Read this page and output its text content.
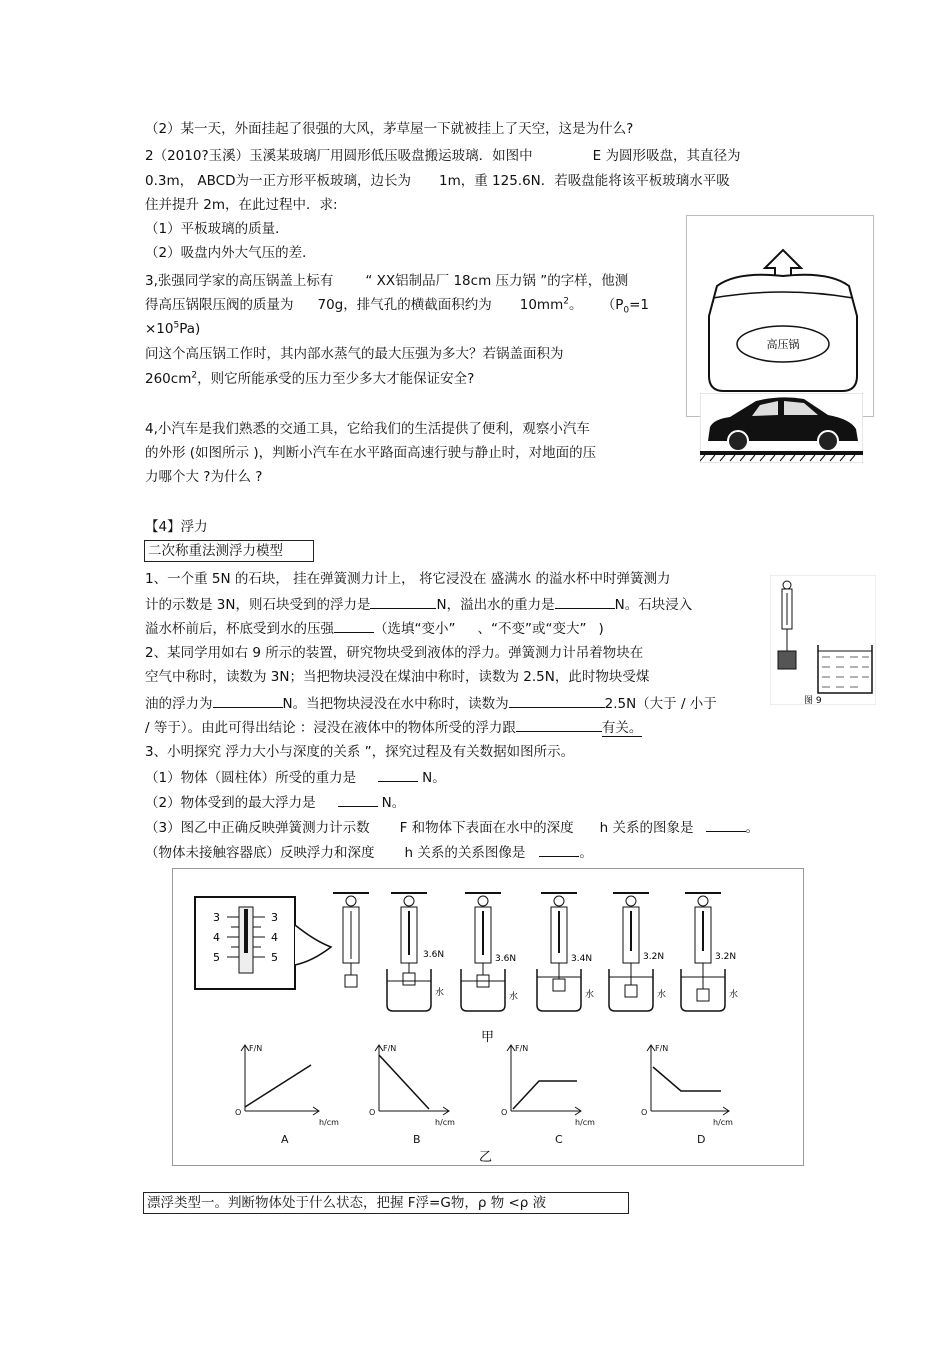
（2）某一天，外面挂起了很强的大风，茅草屋一下就被挂上了天空，这是为什么?
2（2010?玉溪）玉溪某玻璃厂用圆形低压吸盘搬运玻璃．如图中	E 为圆形吸盘，其直径为
0.3m， ABCD为一正方形平板玻璃，边长为 1m，重 125.6N．若吸盘能将该平板玻璃水平吸
住并提升 2m，在此过程中．求:
（1）平板玻璃的质量．
（2）吸盘内外大气压的差．
3,张强同学家的高压锅盖上标有 “ XX铝制品厂 18cm 压力锅 ”的字样，他测
得高压锅限压阀的质量为 70g，排气孔的横截面积约为 $10mm^2$。 （$P_0=1$
$\times 10^5Pa$)
问这个高压锅工作时，其内部水蒸气的最大压强为多大？若锅盖面积为
$260cm^2$，则它所能承受的压力至少多大才能保证安全?
4,小汽车是我们熟悉的交通工具，它给我们的生活提供了便利，观察小汽车
的外形 (如图所示 )，判断小汽车在水平路面高速行驶与静止时，对地面的压
力哪个大 ?为什么 ?
【4】浮力
二次称重法测浮力模型
1、一个重 5N 的石块， 挂在弹簧测力计上， 将它浸没在 盛满水 的溢水杯中时弹簧测力
计的示数是 3N，则石块受到的浮力是	N，溢出水的重力是	N。石块浸入
溢水杯前后，杯底受到水的压强	（选填“变小” 、“不变”或“变大” )
2、某同学用如右 9 所示的装置，研究物块受到液体的浮力。弹簧测力计吊着物块在
空气中称时，读数为 3N；当把物块浸没在煤油中称时，读数为 2.5N，此时物块受煤
油的浮力为	N。当把物块浸没在水中称时，读数为	2.5N（大于 / 小于
/ 等于）。由此可得出结论 ：浸没在液体中的物体所受的浮力跟	有关。
3、小明探究 浮力大小与深度的关系 ”，探究过程及有关数据如图所示。
（1）物体（圆柱体）所受的重力是	N。
（2）物体受到的最大浮力是	N。
（3）图乙中正确反映弹簧测力计示数 F 和物体下表面在水中的深度 h 关系的图象是	。
（物体未接触容器底）反映浮力和深度 h 关系的关系图像是	。
漂浮类型一。判断物体处于什么状态，把握 F浮=G物，ρ 物 <ρ 液
高压锅
图 9
3
4
5
3
4
5	3.6N	3.6N	3.4N	3.2N	3.2N
水	水	水	水	水
甲
F/N	F/N	F/N	F/N
h/cm	h/cm	h/cm	h/cm
O	O	O	O
A	B	C	D
乙
